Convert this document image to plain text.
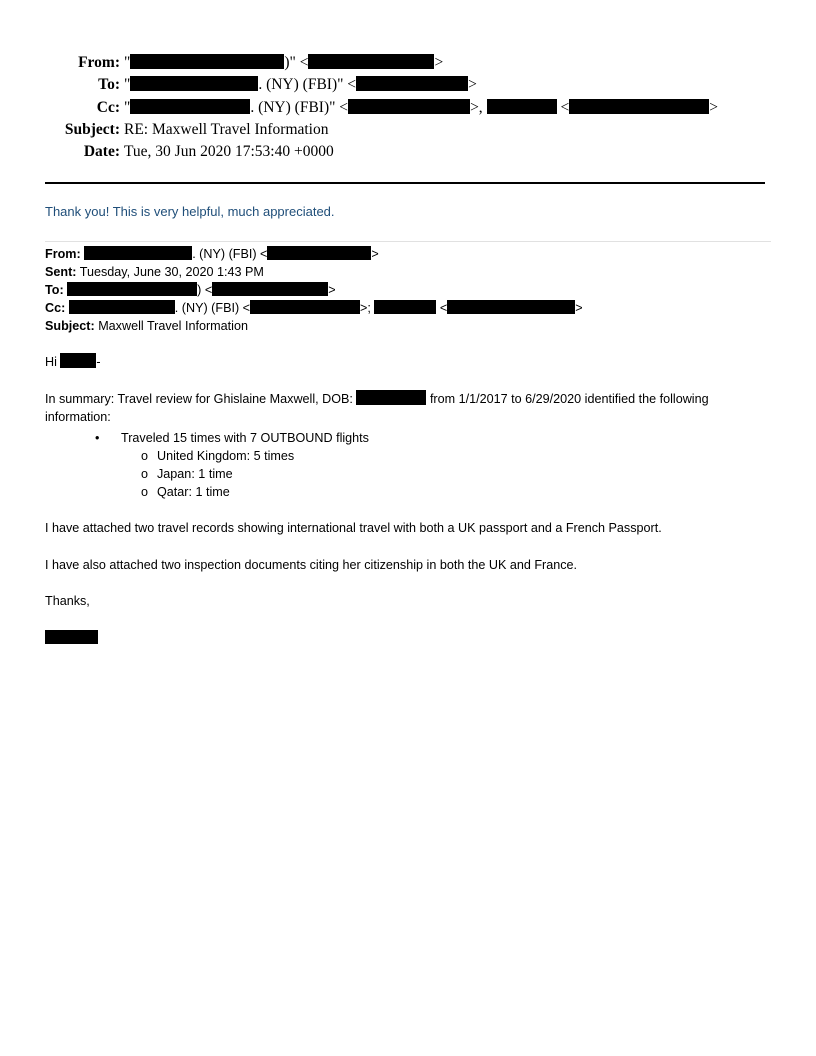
From: "	)" <	>
To: "	. (NY) (FBI)" <	>
Cc: "	. (NY) (FBI)" <	>,	<	>
Subject: RE: Maxwell Travel Information
Date: Tue, 30 Jun 2020 17:53:40 +0000
Thank you! This is very helpful, much appreciated.
From:	. (NY) (FBI) <	>
Sent: Tuesday, June 30, 2020 1:43 PM
To:	) <	>
Cc:	. (NY) (FBI) <	>;	<	>
Subject: Maxwell Travel Information

Hi	-

In summary: Travel review for Ghislaine Maxwell, DOB:	from 1/1/2017 to 6/29/2020 identified the following
information:

• Traveled 15 times with 7 OUTBOUND flights
o United Kingdom: 5 times
o Japan: 1 time
o Qatar: 1 time

I have attached two travel records showing international travel with both a UK passport and a French Passport.

I have also attached two inspection documents citing her citizenship in both the UK and France.

Thanks,
